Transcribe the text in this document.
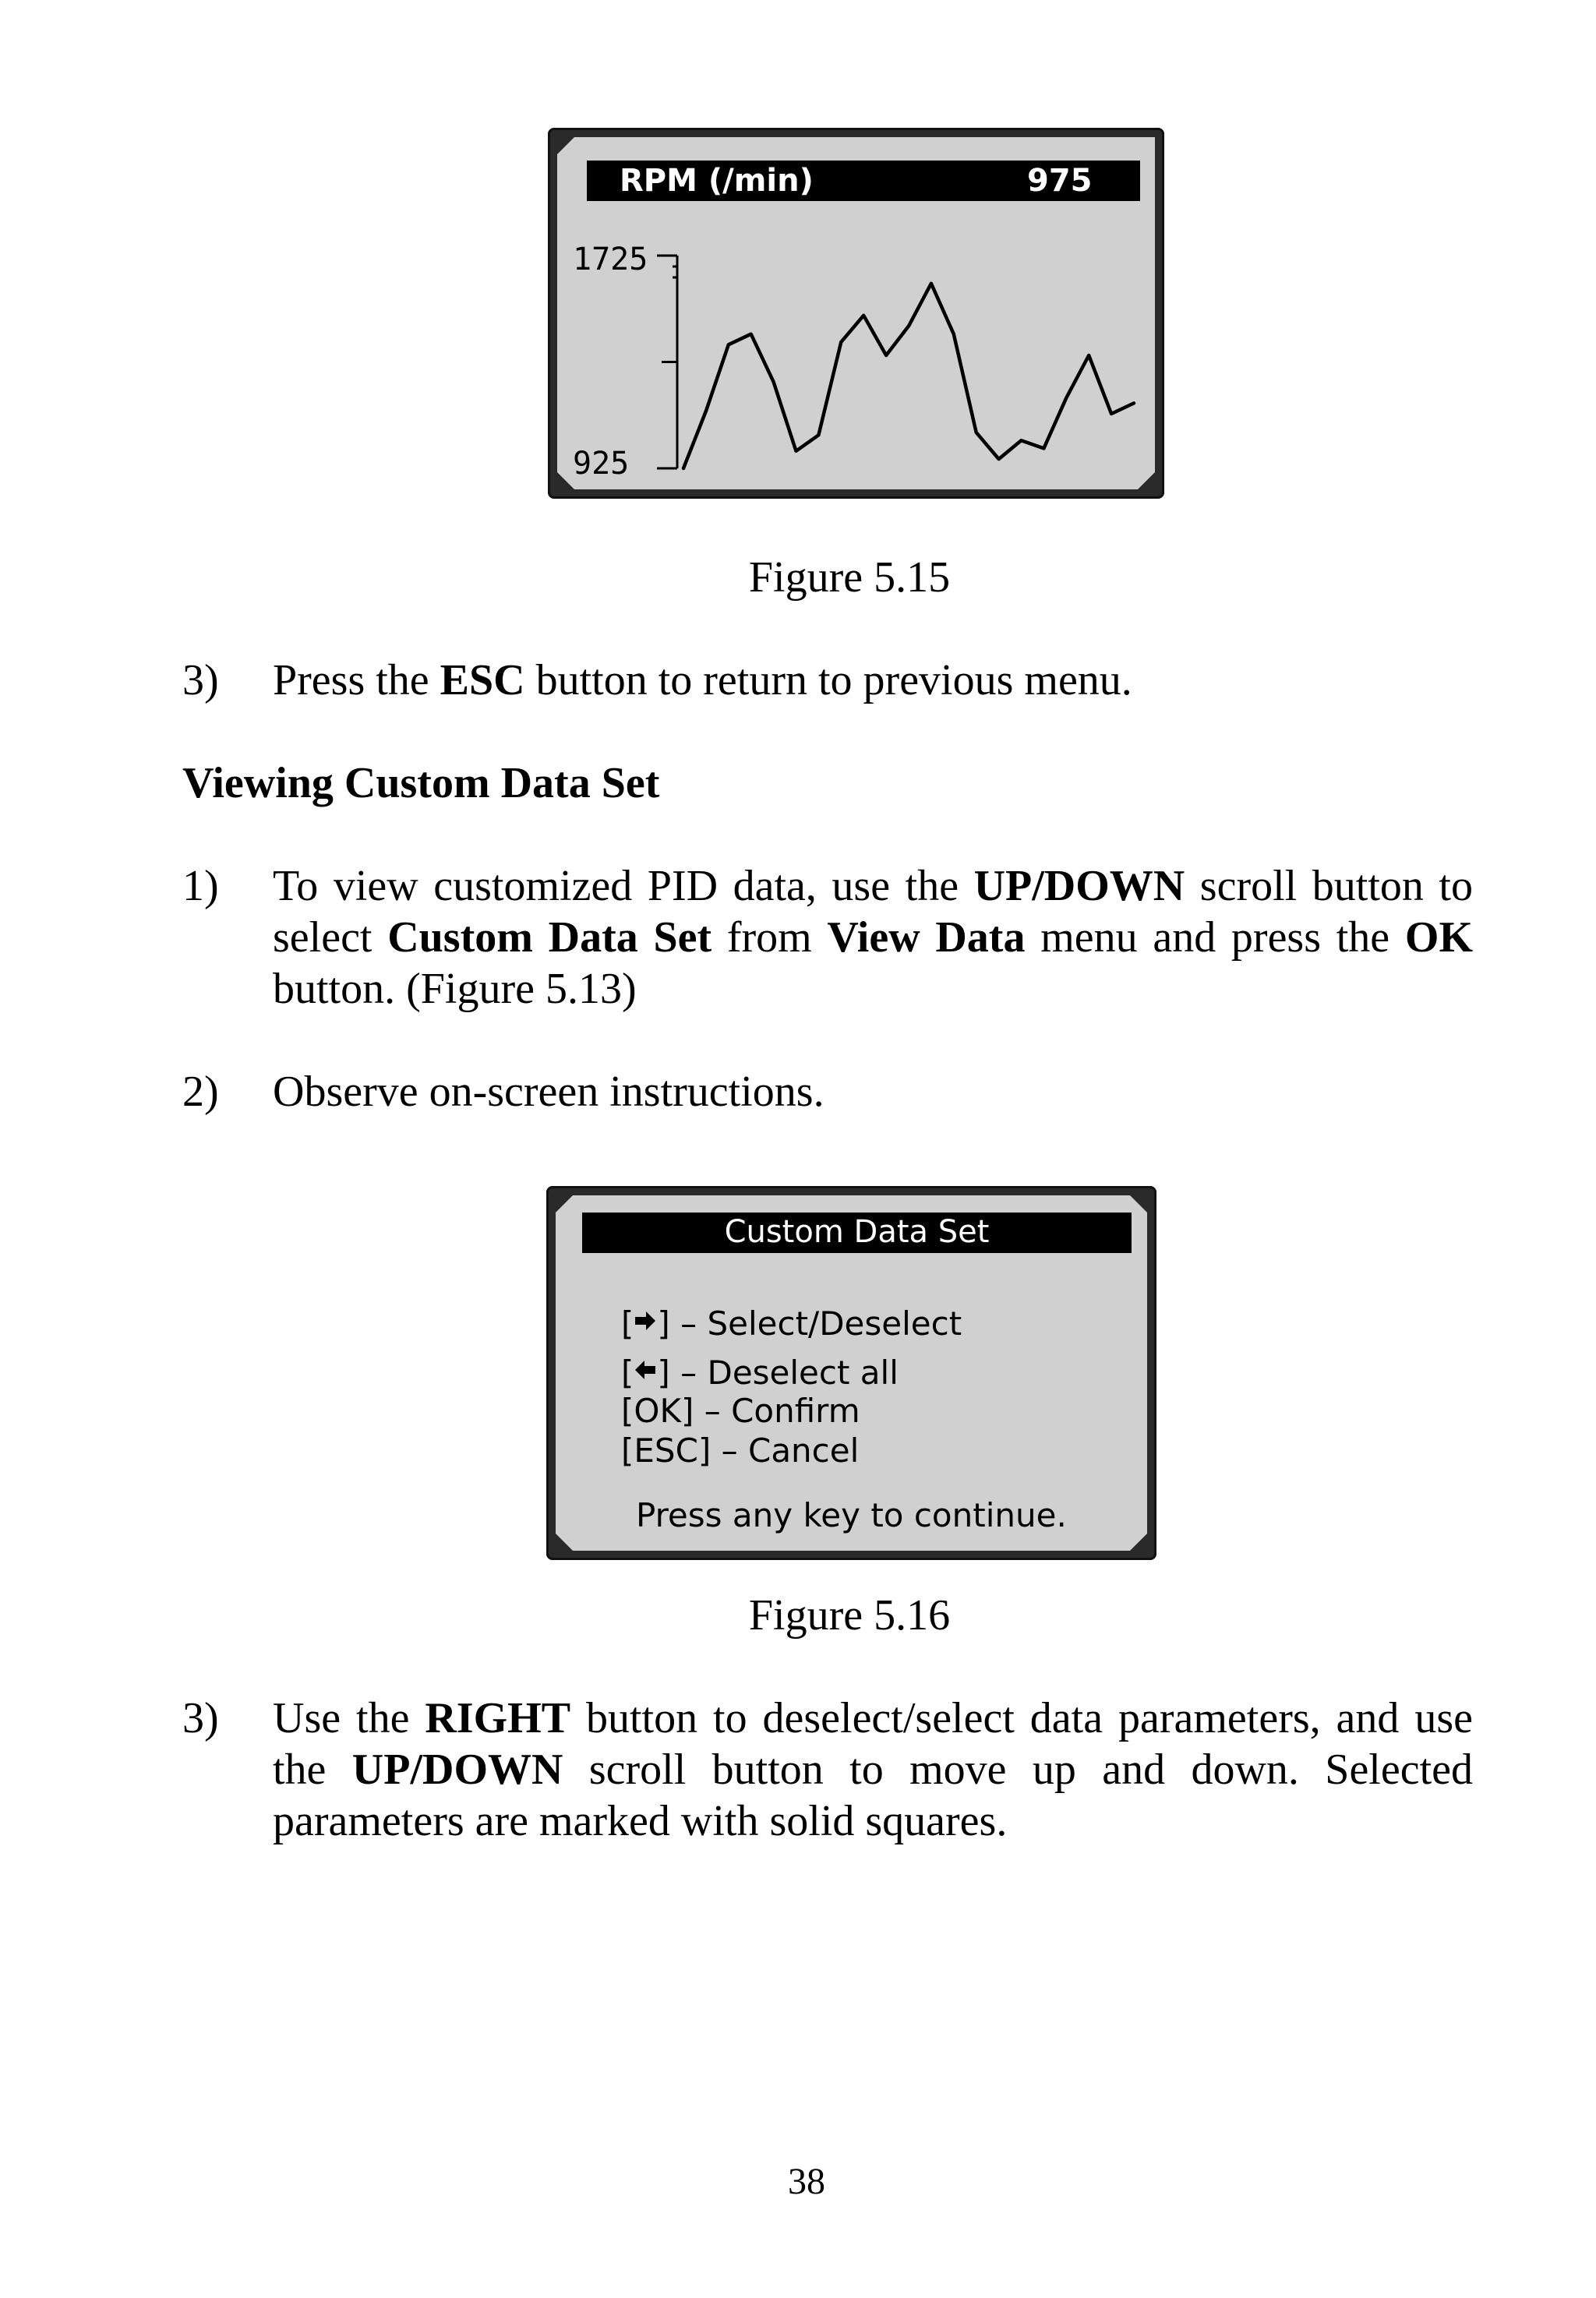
RPM (/min)	975
1725
925
Figure 5.15
3) Press the ESC button to return to previous menu.
Viewing Custom Data Set
1) To view customized PID data, use the UP/DOWN scroll button to select Custom Data Set from View Data menu and press the OK button. (Figure 5.13)
2) Observe on-screen instructions.
Custom Data Set
[ ] – Select/Deselect
[ ] – Deselect all
[OK] – Confirm
[ESC] – Cancel
Press any key to continue.
Figure 5.16
3) Use the RIGHT button to deselect/select data parameters, and use the UP/DOWN scroll button to move up and down. Selected parameters are marked with solid squares.
38
